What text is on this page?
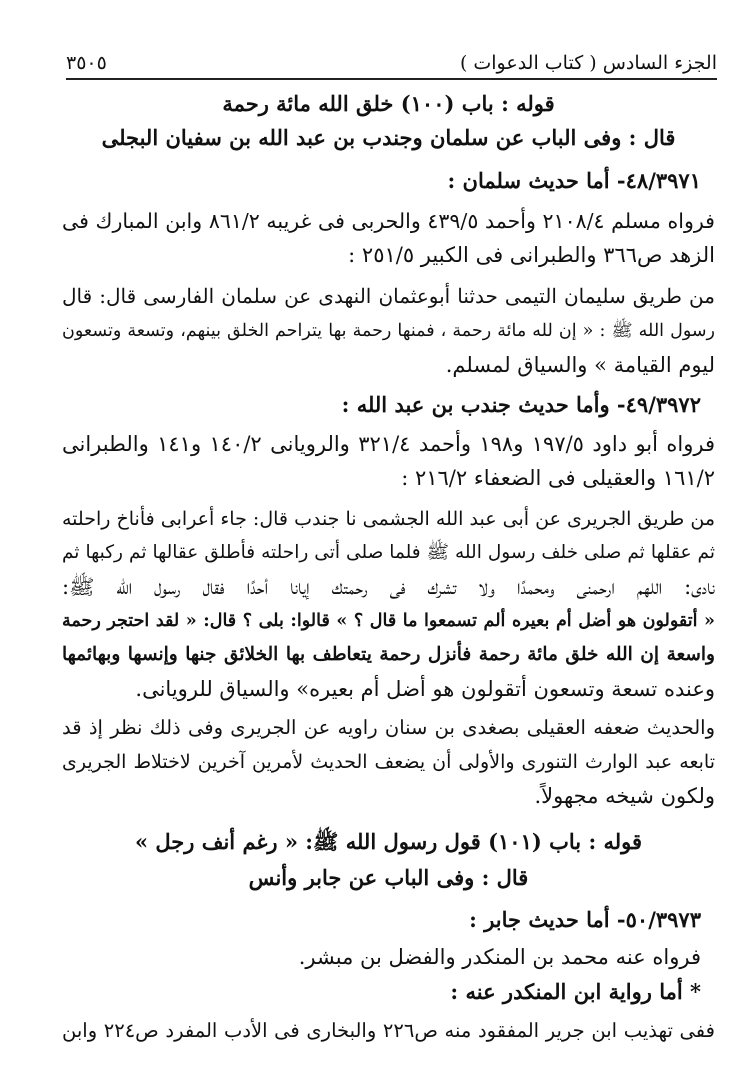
الجزء السادس ( كتاب الدعوات )
٣٥٠٥
قوله : باب (١٠٠) خلق الله مائة رحمة
قال : وفى الباب عن سلمان وجندب بن عبد الله بن سفيان البجلى
٤٨/٣٩٧١- أما حديث سلمان :
فرواه مسلم ٢١٠٨/٤ وأحمد ٤٣٩/٥ والحربى فى غريبه ٨٦١/٢ وابن المبارك فى
الزهد ص٣٦٦ والطبرانى فى الكبير ٢٥١/٥ :
من طريق سليمان التيمى حدثنا أبوعثمان النهدى عن سلمان الفارسى قال: قال
رسول الله ﷺ : « إن لله مائة رحمة ، فمنها رحمة بها يتراحم الخلق بينهم، وتسعة وتسعون
ليوم القيامة » والسياق لمسلم.
٤٩/٣٩٧٢- وأما حديث جندب بن عبد الله :
فرواه أبو داود ١٩٧/٥ و١٩٨ وأحمد ٣٢١/٤ والرويانى ١٤٠/٢ و١٤١ والطبرانى
١٦١/٢ والعقيلى فى الضعفاء ٢١٦/٢ :
من طريق الجريرى عن أبى عبد الله الجشمى نا جندب قال: جاء أعرابى فأناخ راحلته
ثم عقلها ثم صلى خلف رسول الله ﷺ فلما صلى أتى راحلته فأطلق عقالها ثم ركبها ثم
نادى: اللهم ارحمنى ومحمدًا ولا تشرك فى رحمتك إيانا أحدًا فقال رسول الله ﷺ:
« أتقولون هو أضل أم بعيره ألم تسمعوا ما قال ؟ » قالوا: بلى ؟ قال: « لقد احتجر رحمة
واسعة إن الله خلق مائة رحمة فأنزل رحمة يتعاطف بها الخلائق جنها وإنسها وبهائمها
وعنده تسعة وتسعون أتقولون هو أضل أم بعيره» والسياق للرويانى.
والحديث ضعفه العقيلى بصغدى بن سنان راويه عن الجريرى وفى ذلك نظر إذ قد
تابعه عبد الوارث التنورى والأولى أن يضعف الحديث لأمرين آخرين لاختلاط الجريرى
ولكون شيخه مجهولاً.
قوله : باب (١٠١) قول رسول الله ﷺ: « رغم أنف رجل »
قال : وفى الباب عن جابر وأنس
٥٠/٣٩٧٣- أما حديث جابر :
فرواه عنه محمد بن المنكدر والفضل بن مبشر.
* أما رواية ابن المنكدر عنه :
ففى تهذيب ابن جرير المفقود منه ص٢٢٦ والبخارى فى الأدب المفرد ص٢٢٤ وابن
